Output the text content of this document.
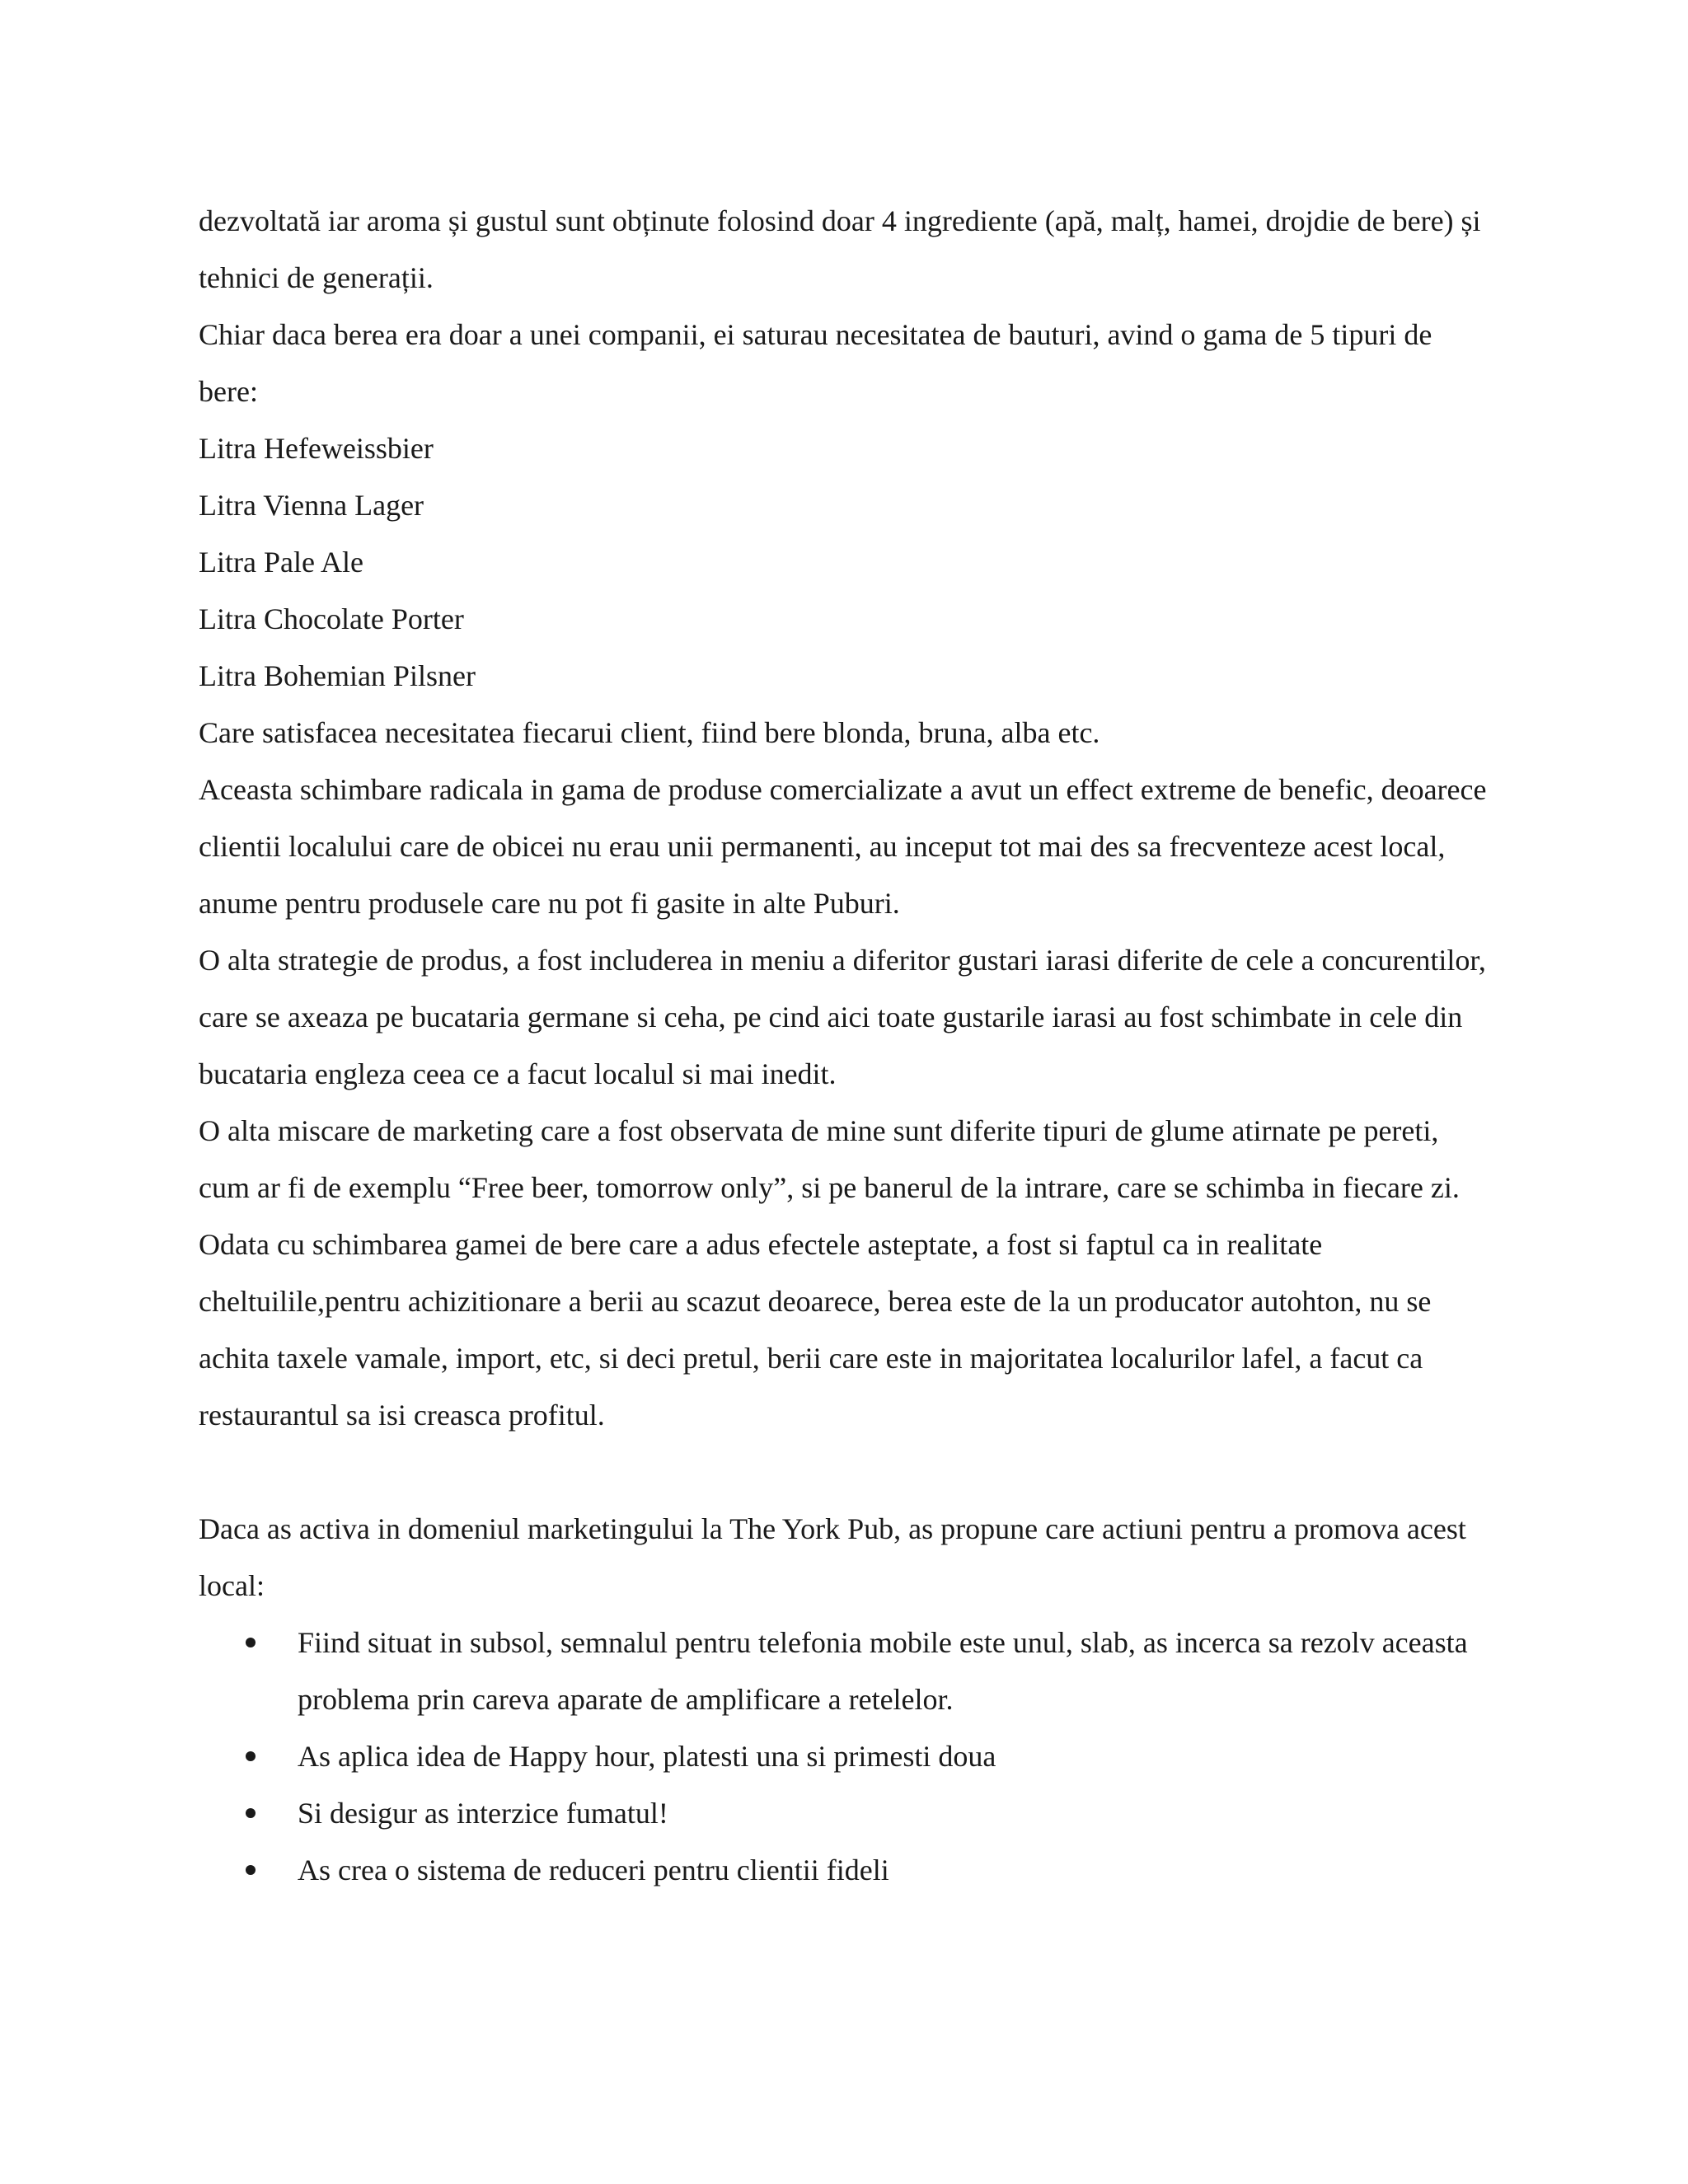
dezvoltată iar aroma și gustul sunt obținute folosind doar 4 ingrediente (apă, malț, hamei, drojdie de bere) și tehnici de generații.

Chiar daca berea era doar a unei companii, ei saturau necesitatea de bauturi, avind o gama de 5 tipuri de bere:

Litra Hefeweissbier

Litra Vienna Lager

Litra Pale Ale

Litra Chocolate Porter

Litra Bohemian Pilsner

Care satisfacea necesitatea fiecarui client, fiind bere blonda, bruna, alba etc.

Aceasta schimbare radicala in gama de produse comercializate a avut un effect extreme de benefic, deoarece clientii localului care de obicei nu erau unii permanenti, au inceput tot mai des sa frecventeze acest local, anume pentru produsele care nu pot fi gasite in alte Puburi.

O alta strategie de produs, a fost includerea in meniu a diferitor gustari iarasi diferite de cele a concurentilor, care se axeaza pe bucataria germane si ceha, pe cind aici toate gustarile iarasi au fost schimbate in cele din bucataria engleza ceea ce a facut localul si mai inedit.

O alta miscare de marketing care a fost observata de mine sunt diferite tipuri de glume atirnate pe pereti, cum ar fi de exemplu “Free beer, tomorrow only”, si pe banerul de la intrare, care se schimba in fiecare zi.

Odata cu schimbarea gamei de bere care a adus efectele asteptate, a fost si faptul ca in realitate cheltuilile,pentru achizitionare a berii au scazut deoarece, berea este de la un producator autohton, nu se achita taxele vamale, import, etc, si deci pretul, berii care este in majoritatea localurilor lafel, a facut ca restaurantul sa isi creasca profitul.

Daca as activa in domeniul marketingului la The York Pub, as propune care actiuni pentru a promova acest local:

Fiind situat in subsol, semnalul pentru telefonia mobile este unul, slab, as incerca sa rezolv aceasta problema prin careva aparate de amplificare a retelelor.
As aplica idea de Happy hour, platesti una si primesti doua
Si desigur as interzice fumatul!
As crea o sistema de reduceri pentru clientii fideli
